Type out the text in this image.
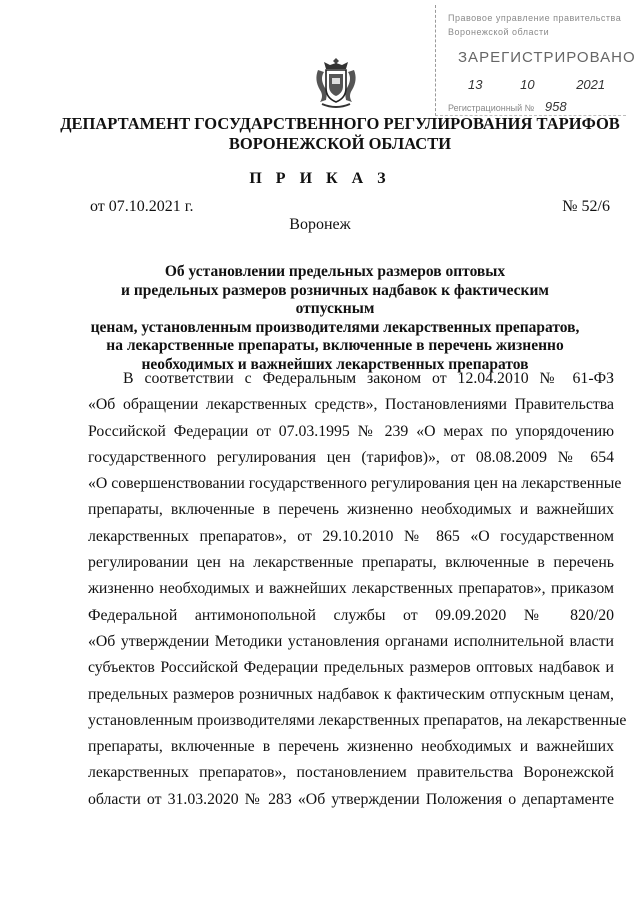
Правовое управление правительства
Воронежской области
ЗАРЕГИСТРИРОВАНО
13	10	2021
Регистрационный № 958
ДЕПАРТАМЕНТ ГОСУДАРСТВЕННОГО РЕГУЛИРОВАНИЯ ТАРИФОВ
ВОРОНЕЖСКОЙ ОБЛАСТИ
П Р И К А З
от 07.10.2021 г.	№ 52/6
Воронеж
Об установлении предельных размеров оптовых
и предельных размеров розничных надбавок к фактическим отпускным
ценам, установленным производителями лекарственных препаратов,
на лекарственные препараты, включенные в перечень жизненно
необходимых и важнейших лекарственных препаратов
В соответствии с Федеральным законом от 12.04.2010 № 61-ФЗ
«Об обращении лекарственных средств», Постановлениями Правительства
Российской Федерации от 07.03.1995 № 239 «О мерах по упорядочению
государственного регулирования цен (тарифов)», от 08.08.2009 № 654
«О совершенствовании государственного регулирования цен на лекарственные
препараты, включенные в перечень жизненно необходимых и важнейших
лекарственных препаратов», от 29.10.2010 № 865 «О государственном
регулировании цен на лекарственные препараты, включенные в перечень
жизненно необходимых и важнейших лекарственных препаратов», приказом
Федеральной антимонопольной службы от 09.09.2020 № 820/20
«Об утверждении Методики установления органами исполнительной власти
субъектов Российской Федерации предельных размеров оптовых надбавок и
предельных размеров розничных надбавок к фактическим отпускным ценам,
установленным производителями лекарственных препаратов, на лекарственные
препараты, включенные в перечень жизненно необходимых и важнейших
лекарственных препаратов», постановлением правительства Воронежской
области от 31.03.2020 № 283 «Об утверждении Положения о департаменте
